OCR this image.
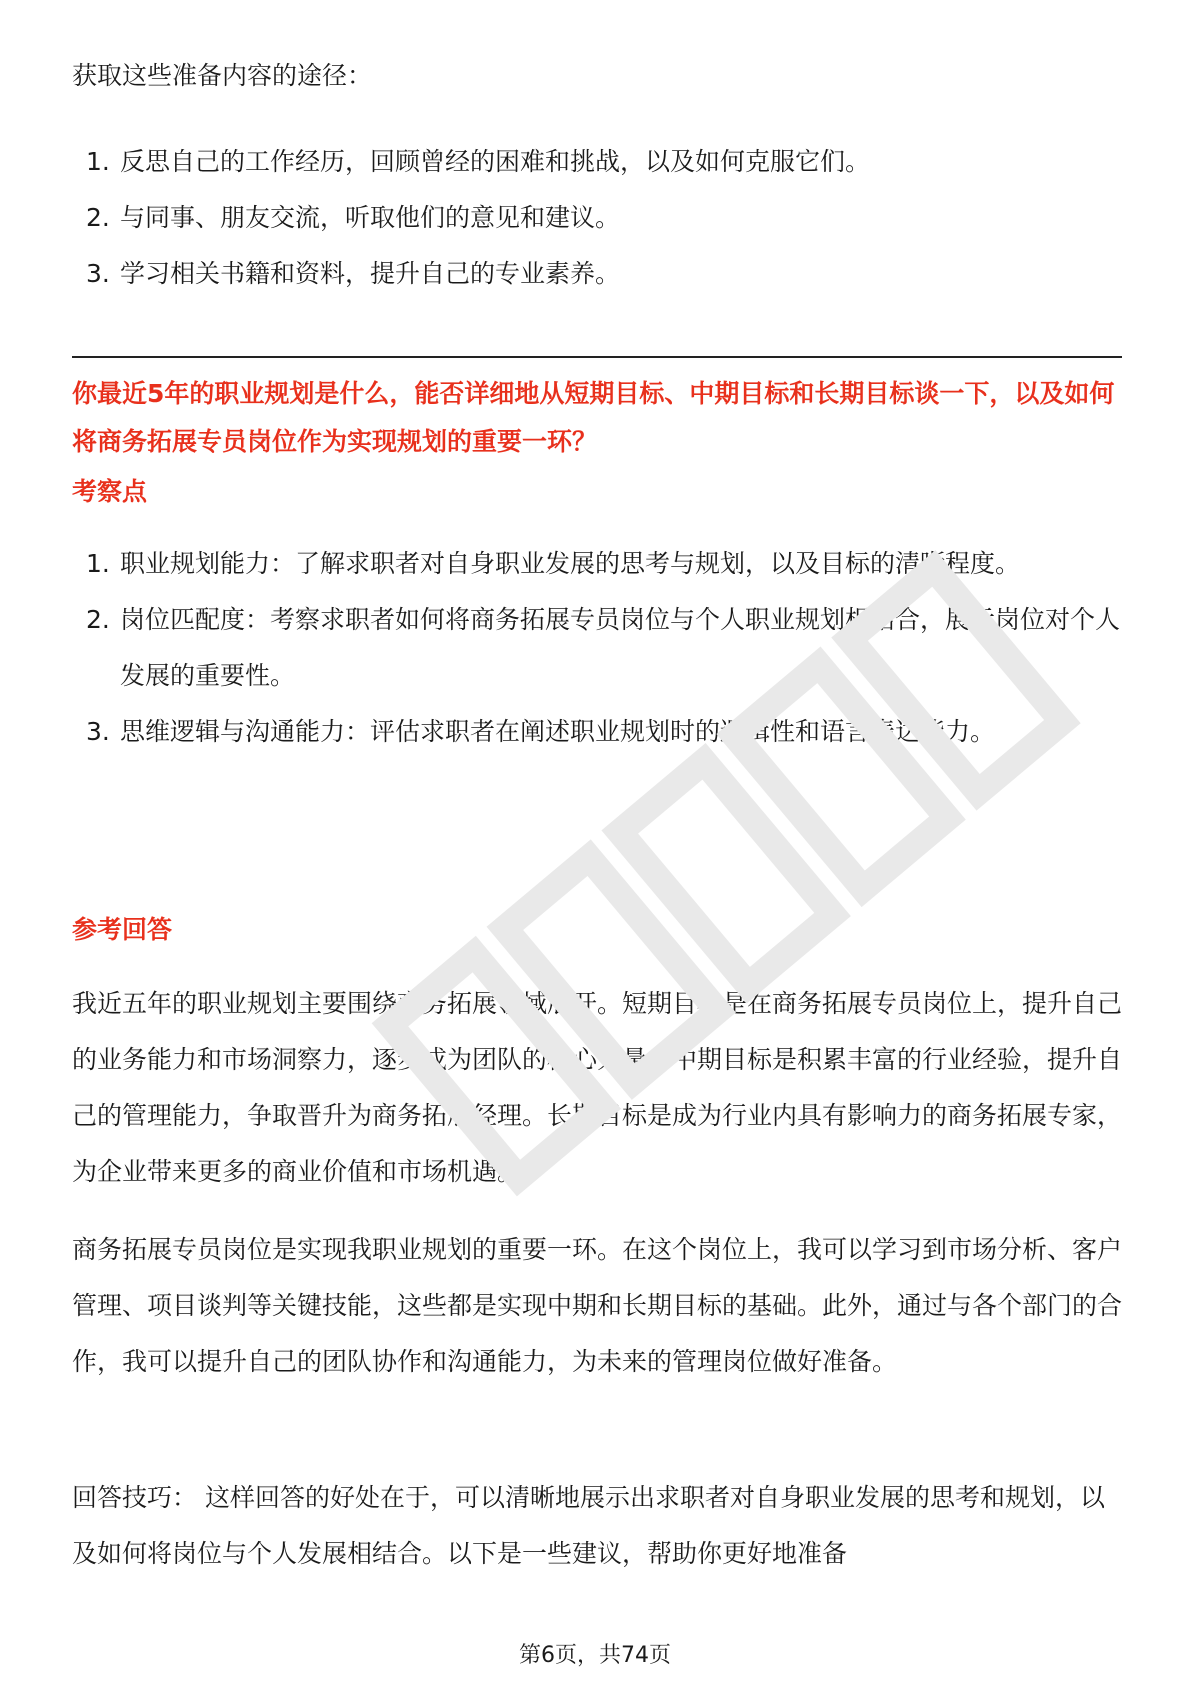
获取这些准备内容的途径：

1. 反思自己的工作经历，回顾曾经的困难和挑战，以及如何克服它们。
2. 与同事、朋友交流，听取他们的意见和建议。
3. 学习相关书籍和资料，提升自己的专业素养。
你最近5年的职业规划是什么，能否详细地从短期目标、中期目标和长期目标谈一下，以及如何将商务拓展专员岗位作为实现规划的重要一环？
考察点
1. 职业规划能力：了解求职者对自身职业发展的思考与规划，以及目标的清晰程度。
2. 岗位匹配度：考察求职者如何将商务拓展专员岗位与个人职业规划相结合，展示岗位对个人发展的重要性。
3. 思维逻辑与沟通能力：评估求职者在阐述职业规划时的逻辑性和语言表达能力。
参考回答

我近五年的职业规划主要围绕商务拓展领域展开。短期目标是在商务拓展专员岗位上，提升自己的业务能力和市场洞察力，逐步成为团队的核心力量。中期目标是积累丰富的行业经验，提升自己的管理能力，争取晋升为商务拓展经理。长期目标是成为行业内具有影响力的商务拓展专家，为企业带来更多的商业价值和市场机遇。

商务拓展专员岗位是实现我职业规划的重要一环。在这个岗位上，我可以学习到市场分析、客户管理、项目谈判等关键技能，这些都是实现中期和长期目标的基础。此外，通过与各个部门的合作，我可以提升自己的团队协作和沟通能力，为未来的管理岗位做好准备。

回答技巧： 这样回答的好处在于，可以清晰地展示出求职者对自身职业发展的思考和规划，以及如何将岗位与个人发展相结合。以下是一些建议，帮助你更好地准备

第6页，共74页
